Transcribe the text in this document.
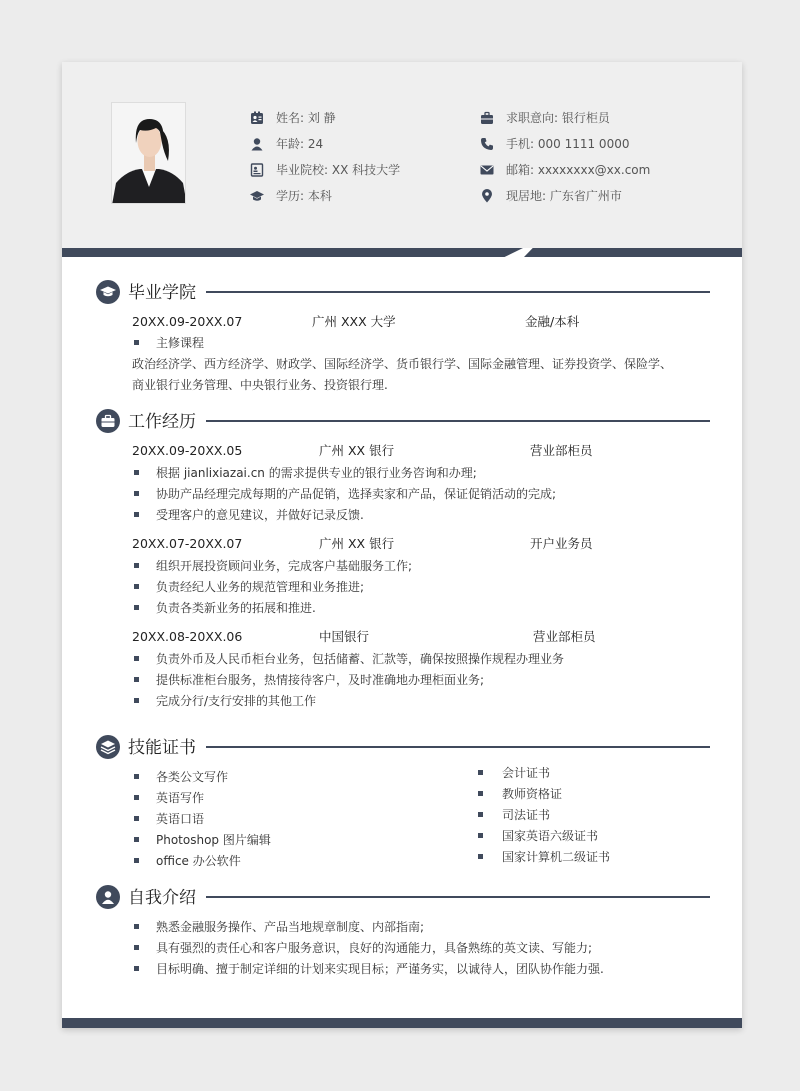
姓名: 刘 静
年龄: 24
毕业院校: XX 科技大学
学历: 本科
求职意向: 银行柜员
手机: 000 1111 0000
邮箱: xxxxxxxx@xx.com
现居地: 广东省广州市
毕业学院
20XX.09-20XX.07	广州 XXX 大学	金融/本科
主修课程
政治经济学、西方经济学、财政学、国际经济学、货币银行学、国际金融管理、证券投资学、保险学、
商业银行业务管理、中央银行业务、投资银行理.
工作经历
20XX.09-20XX.05	广州 XX 银行	营业部柜员
根据 jianlixiazai.cn 的需求提供专业的银行业务咨询和办理;
协助产品经理完成每期的产品促销，选择卖家和产品，保证促销活动的完成;
受理客户的意见建议，并做好记录反馈.
20XX.07-20XX.07	广州 XX 银行	开户业务员
组织开展投资顾问业务，完成客户基础服务工作;
负责经纪人业务的规范管理和业务推进;
负责各类新业务的拓展和推进.
20XX.08-20XX.06	中国银行	营业部柜员
负责外币及人民币柜台业务，包括储蓄、汇款等，确保按照操作规程办理业务
提供标准柜台服务，热情接待客户，及时准确地办理柜面业务;
完成分行/支行安排的其他工作
技能证书
各类公文写作
英语写作
英语口语
Photoshop 图片编辑
office 办公软件
会计证书
教师资格证
司法证书
国家英语六级证书
国家计算机二级证书
自我介绍
熟悉金融服务操作、产品当地规章制度、内部指南;
具有强烈的责任心和客户服务意识，良好的沟通能力，具备熟练的英文读、写能力;
目标明确、擅于制定详细的计划来实现目标；严谨务实，以诚待人，团队协作能力强.
